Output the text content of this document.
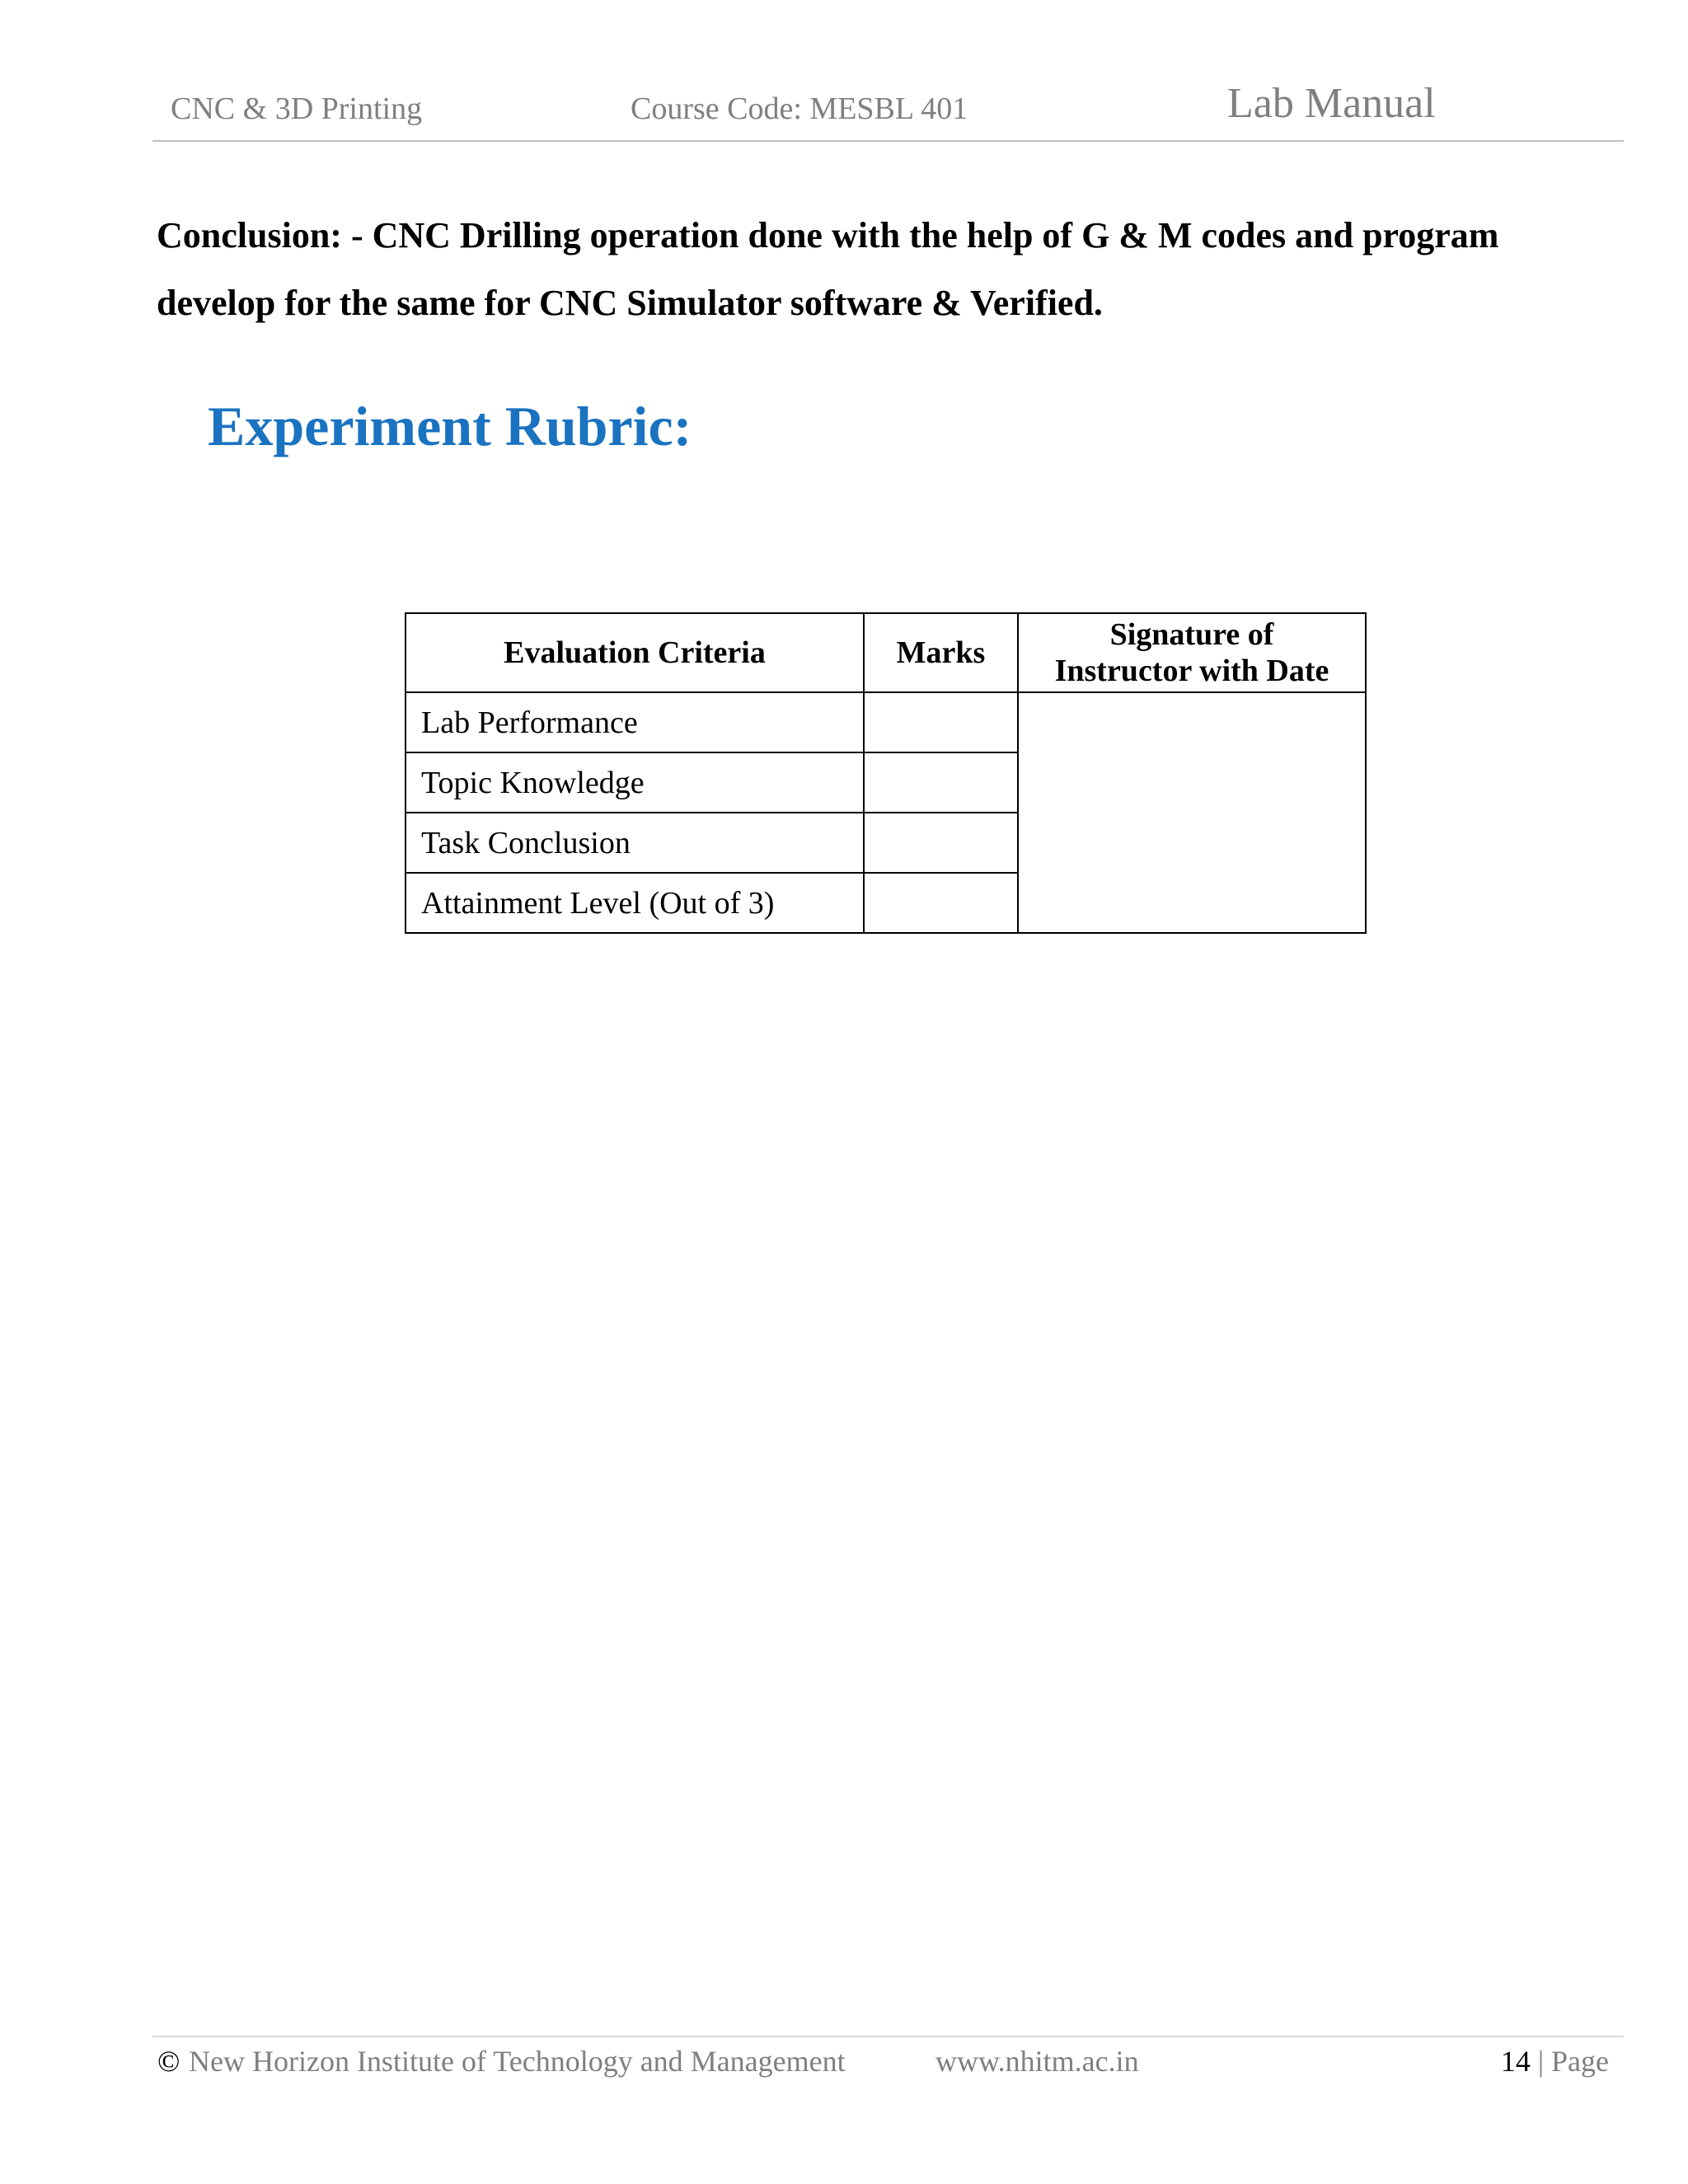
CNC & 3D Printing	Course Code: MESBL 401	Lab Manual
Conclusion: - CNC Drilling operation done with the help of G & M codes and program develop for the same for CNC Simulator software & Verified.
Experiment Rubric:
Evaluation Criteria	Marks	Signature of
Instructor with Date

Lab Performance		

Topic Knowledge		

Task Conclusion		

Attainment Level (Out of 3)		

© New Horizon Institute of Technology and Management	www.nhitm.ac.in	14 | Page
